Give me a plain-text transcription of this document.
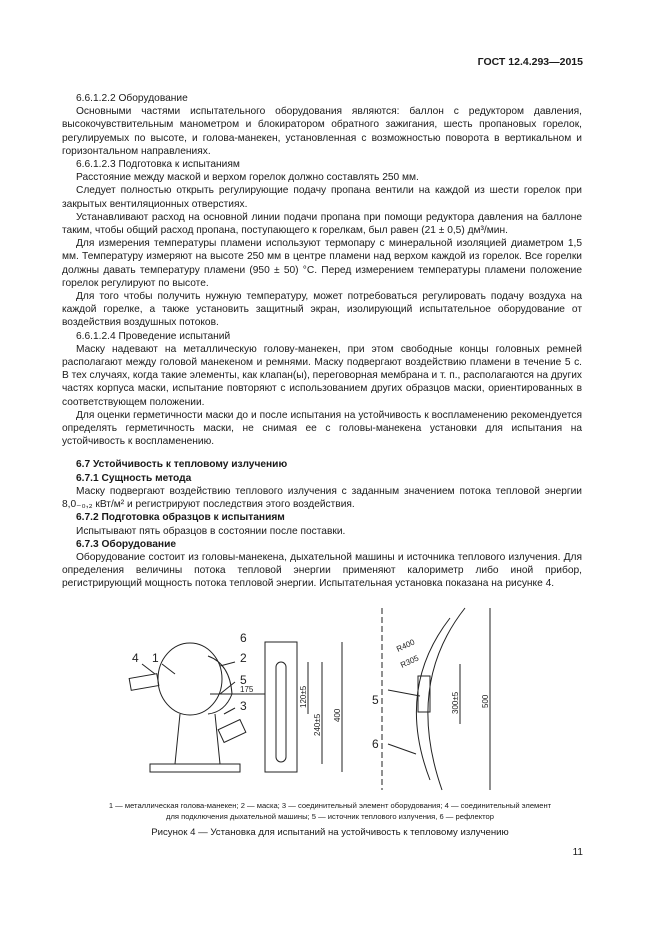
ГОСТ 12.4.293—2015

6.6.1.2.2 Оборудование

Основными частями испытательного оборудования являются: баллон с редуктором давления, высокочувствительным манометром и блокиратором обратного зажигания, шесть пропановых горелок, регулируемых по высоте, и голова-манекен, установленная с возможностью поворота в вертикальном и горизонтальном направлениях.

6.6.1.2.3 Подготовка к испытаниям

Расстояние между маской и верхом горелок должно составлять 250 мм.

Следует полностью открыть регулирующие подачу пропана вентили на каждой из шести горелок при закрытых вентиляционных отверстиях.

Устанавливают расход на основной линии подачи пропана при помощи редуктора давления на баллоне таким, чтобы общий расход пропана, поступающего к горелкам, был равен (21 ± 0,5) дм³/мин.

Для измерения температуры пламени используют термопару с минеральной изоляцией диаметром 1,5 мм. Температуру измеряют на высоте 250 мм в центре пламени над верхом каждой из горелок. Все горелки должны давать температуру пламени (950 ± 50) °С. Перед измерением температуры пламени положение горелок регулируют по высоте.

Для того чтобы получить нужную температуру, может потребоваться регулировать подачу воздуха на каждой горелке, а также установить защитный экран, изолирующий испытательное оборудование от воздействия воздушных потоков.

6.6.1.2.4 Проведение испытаний

Маску надевают на металлическую голову-манекен, при этом свободные концы головных ремней располагают между головой манекеном и ремнями. Маску подвергают воздействию пламени в течение 5 с. В тех случаях, когда такие элементы, как клапан(ы), переговорная мембрана и т. п., располагаются на других частях корпуса маски, испытание повторяют с использованием других образцов маски, ориентированных в соответствующем положении.

Для оценки герметичности маски до и после испытания на устойчивость к воспламенению рекомендуется определять герметичность маски, не снимая ее с головы-манекена установки для испытания на устойчивость к воспламенению.

6.7 Устойчивость к тепловому излучению

6.7.1 Сущность метода

Маску подвергают воздействию теплового излучения с заданным значением потока тепловой энергии 8,0₋₀,₂ кВт/м² и регистрируют последствия этого воздействия.

6.7.2 Подготовка образцов к испытаниям

Испытывают пять образцов в состоянии после поставки.

6.7.3 Оборудование

Оборудование состоит из головы-манекена, дыхательной машины и источника теплового излучения. Для определения величины потока тепловой энергии применяют калориметр либо иной прибор, регистрирующий мощность потока тепловой энергии. Испытательная установка показана на рисунке 4.

4 1
6
2
5
3	5
6
175	120±5
240±5 400
R400
R305
300±5	500
1 — металлическая голова-манекен; 2 — маска; 3 — соединительный элемент оборудования; 4 — соединительный элемент
для подключения дыхательной машины; 5 — источник теплового излучения, 6 — рефлектор
Рисунок 4 — Установка для испытаний на устойчивость к тепловому излучению
11
